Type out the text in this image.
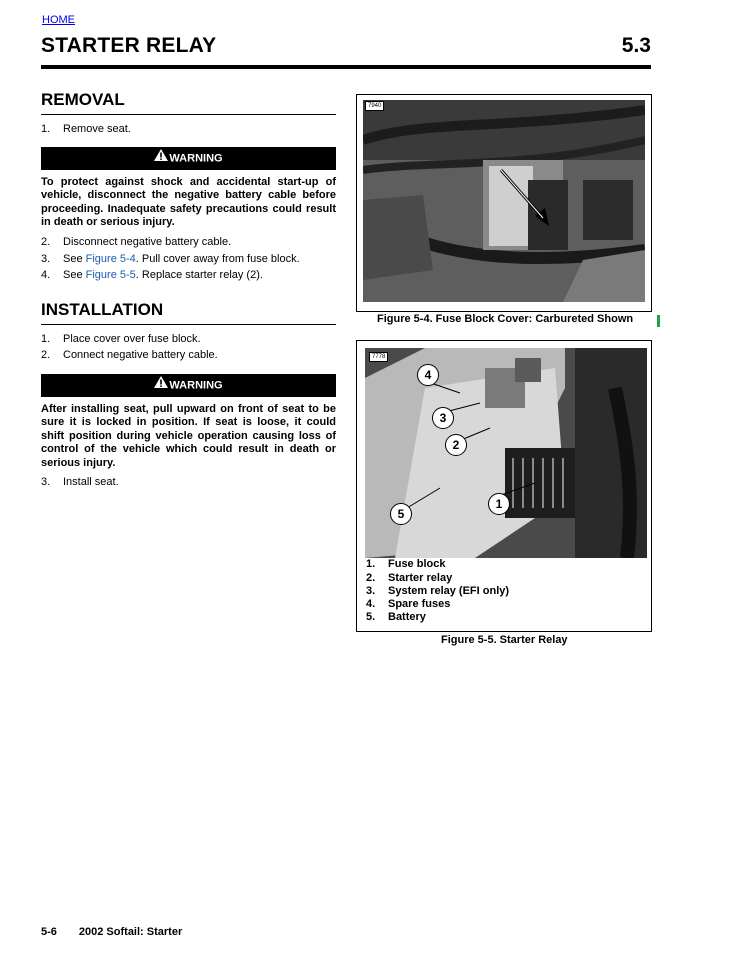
HOME
STARTER RELAY	5.3
REMOVAL
1. Remove seat.
WARNING
To protect against shock and accidental start-up of vehicle, disconnect the negative battery cable before proceeding. Inadequate safety precautions could result in death or serious injury.
2. Disconnect negative battery cable.
3. See Figure 5-4. Pull cover away from fuse block.
4. See Figure 5-5. Replace starter relay (2).
INSTALLATION
1. Place cover over fuse block.
2. Connect negative battery cable.
WARNING
After installing seat, pull upward on front of seat to be sure it is locked in position. If seat is loose, it could shift position during vehicle operation causing loss of control of the vehicle which could result in death or serious injury.
3. Install seat.
7940
Figure 5-4. Fuse Block Cover: Carbureted Shown
7778
4
3
2
1
5
1. Fuse block
2. Starter relay
3. System relay (EFI only)
4. Spare fuses
5. Battery
Figure 5-5. Starter Relay
5-6 2002 Softail: Starter
